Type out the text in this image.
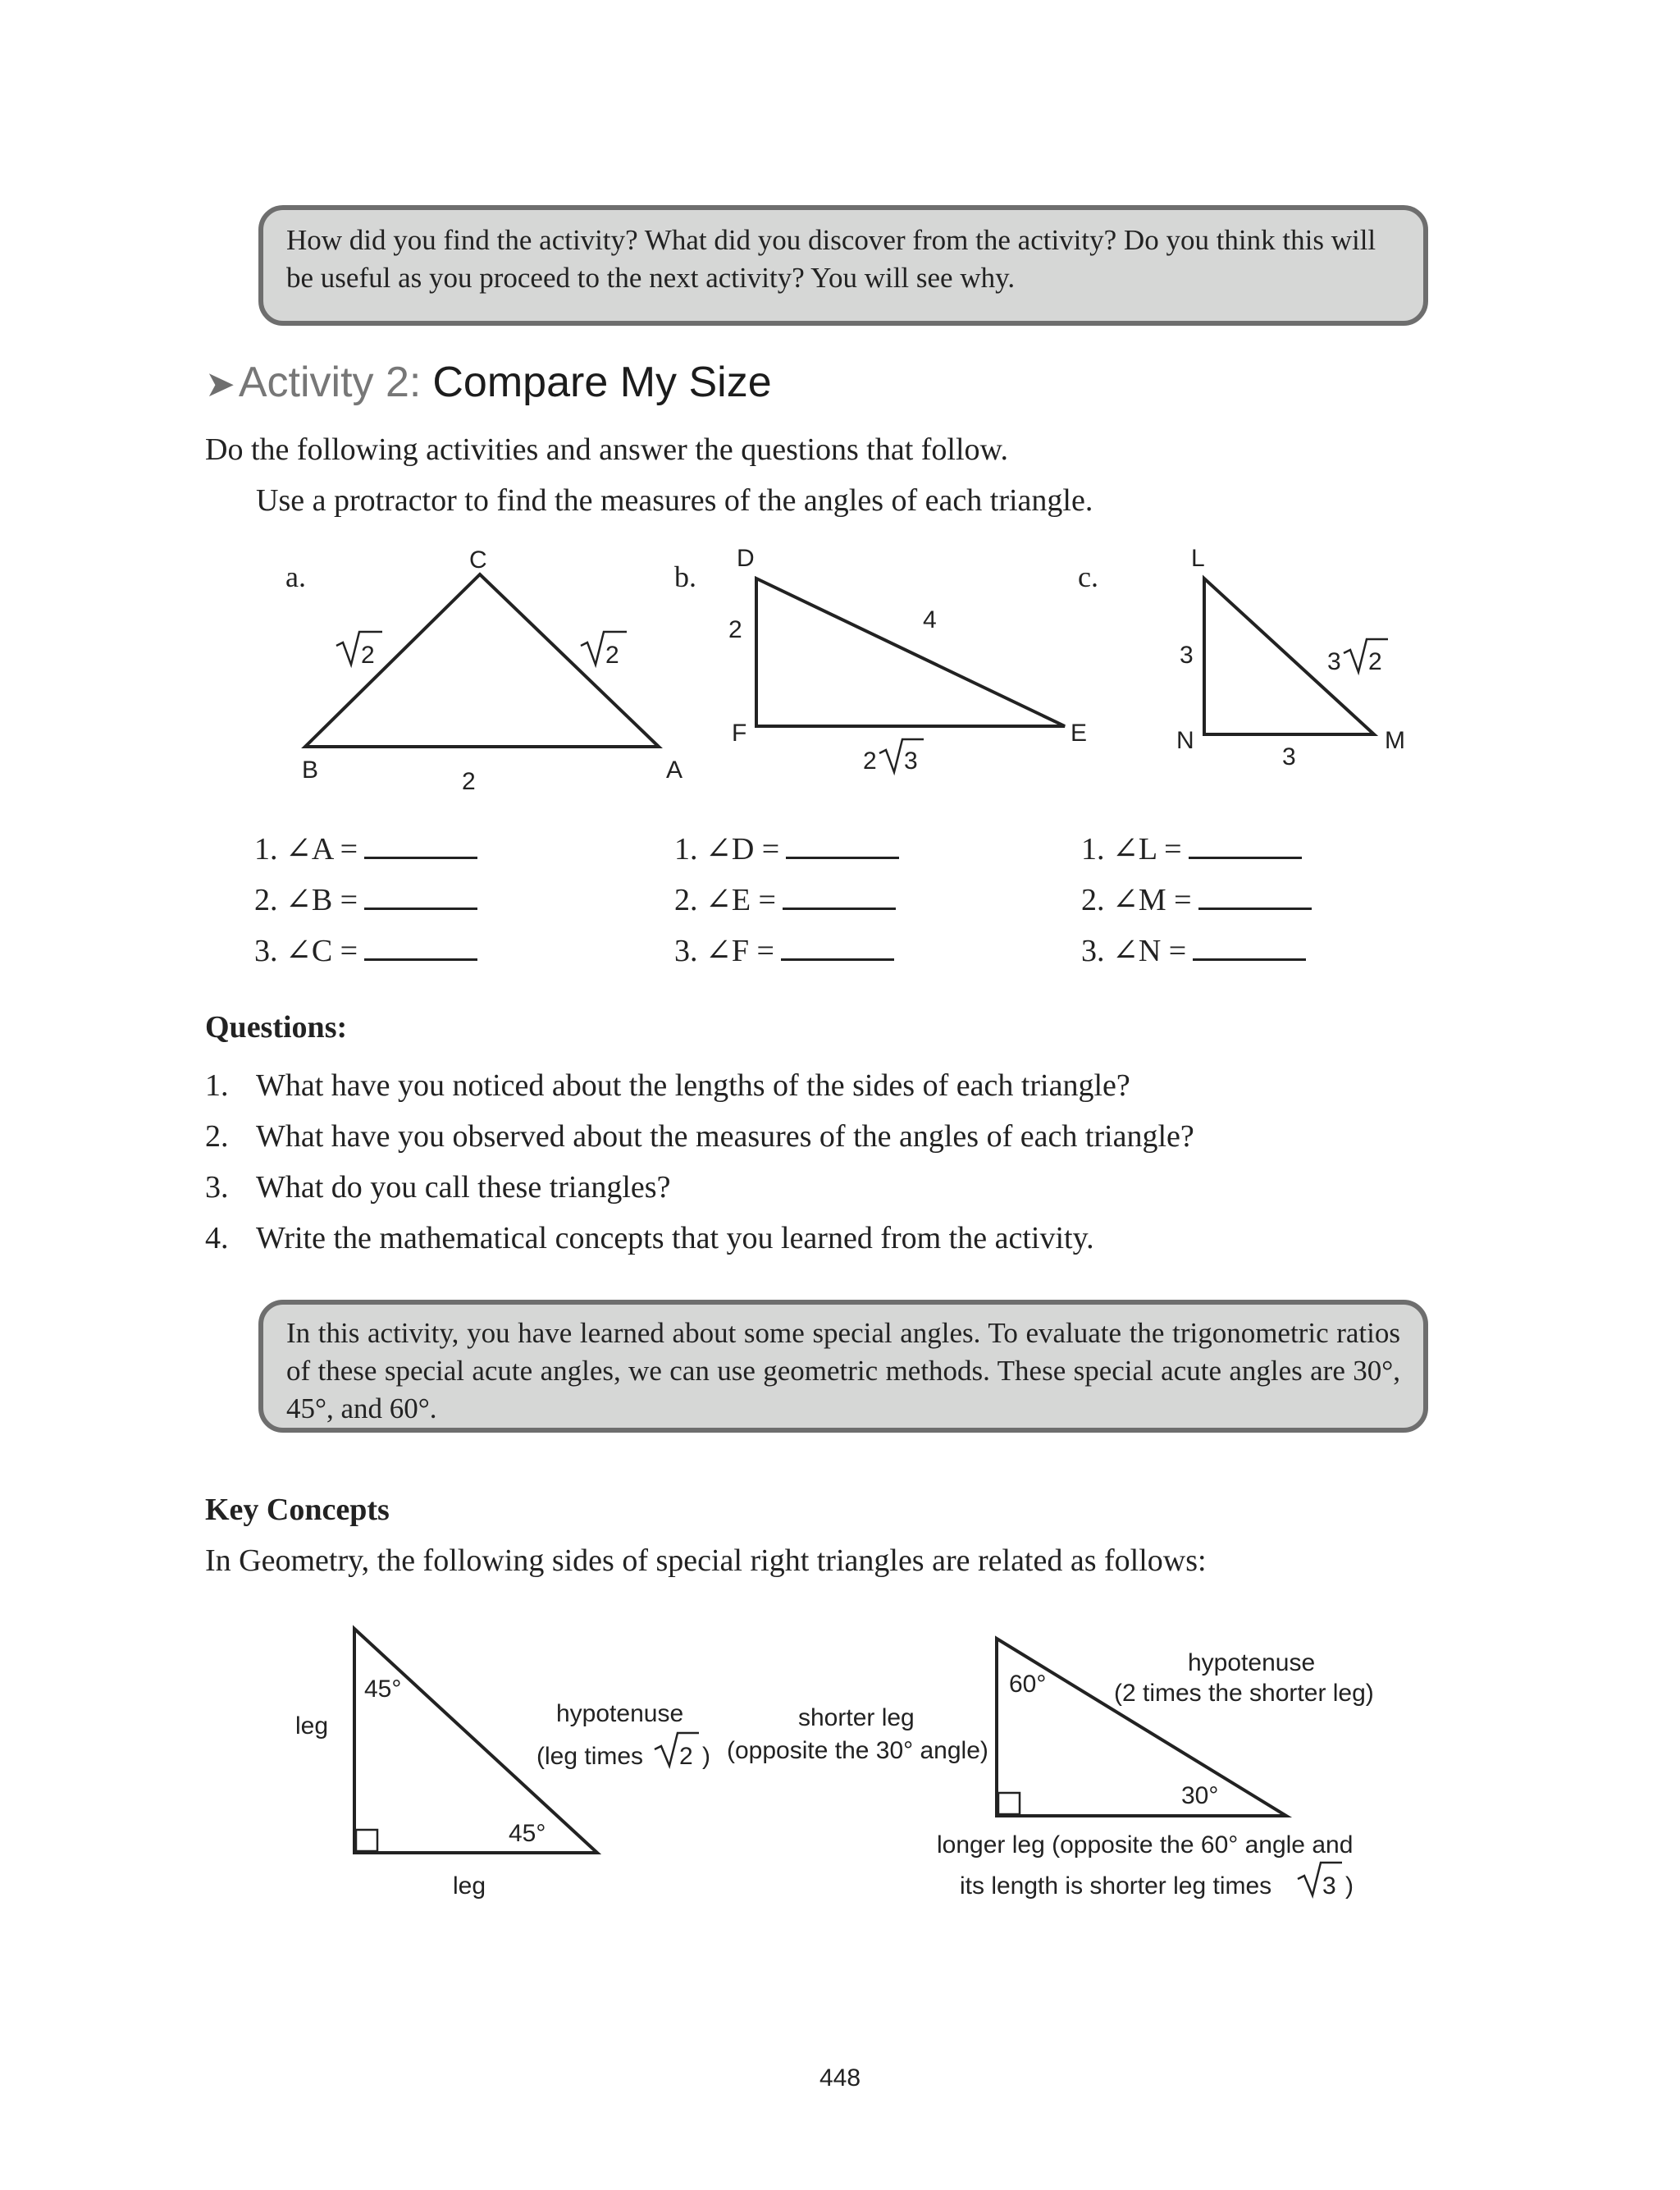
How did you find the activity? What did you discover from the activity? Do you think this will be useful as you proceed to the next activity? You will see why.
➤ Activity 2: Compare My Size
Do the following activities and answer the questions that follow.
Use a protractor to find the measures of the angles of each triangle.
a.
C
B	A
2	2
2
b.
D
F	E
2	4
2 3
c.
L
N	M
3	3 2
3
1. ∠A =
2. ∠B =
3. ∠C =
1. ∠D =
2. ∠E =
3. ∠F =
1. ∠L =
2. ∠M =
3. ∠N =
Questions:
1. What have you noticed about the lengths of the sides of each triangle?
2. What have you observed about the measures of the angles of each triangle?
3. What do you call these triangles?
4. Write the mathematical concepts that you learned from the activity.
In this activity, you have learned about some special angles. To evaluate the trigonometric ratios of these special acute angles, we can use geometric methods. These special acute angles are 30°, 45°, and 60°.
Key Concepts
In Geometry, the following sides of special right triangles are related as follows:
45°
45°
leg
leg
hypotenuse
(leg times 2 )
60°
30°
hypotenuse
(2 times the shorter leg)
shorter leg
(opposite the 30° angle)
longer leg (opposite the 60° angle and
its length is shorter leg times 3 )
448
